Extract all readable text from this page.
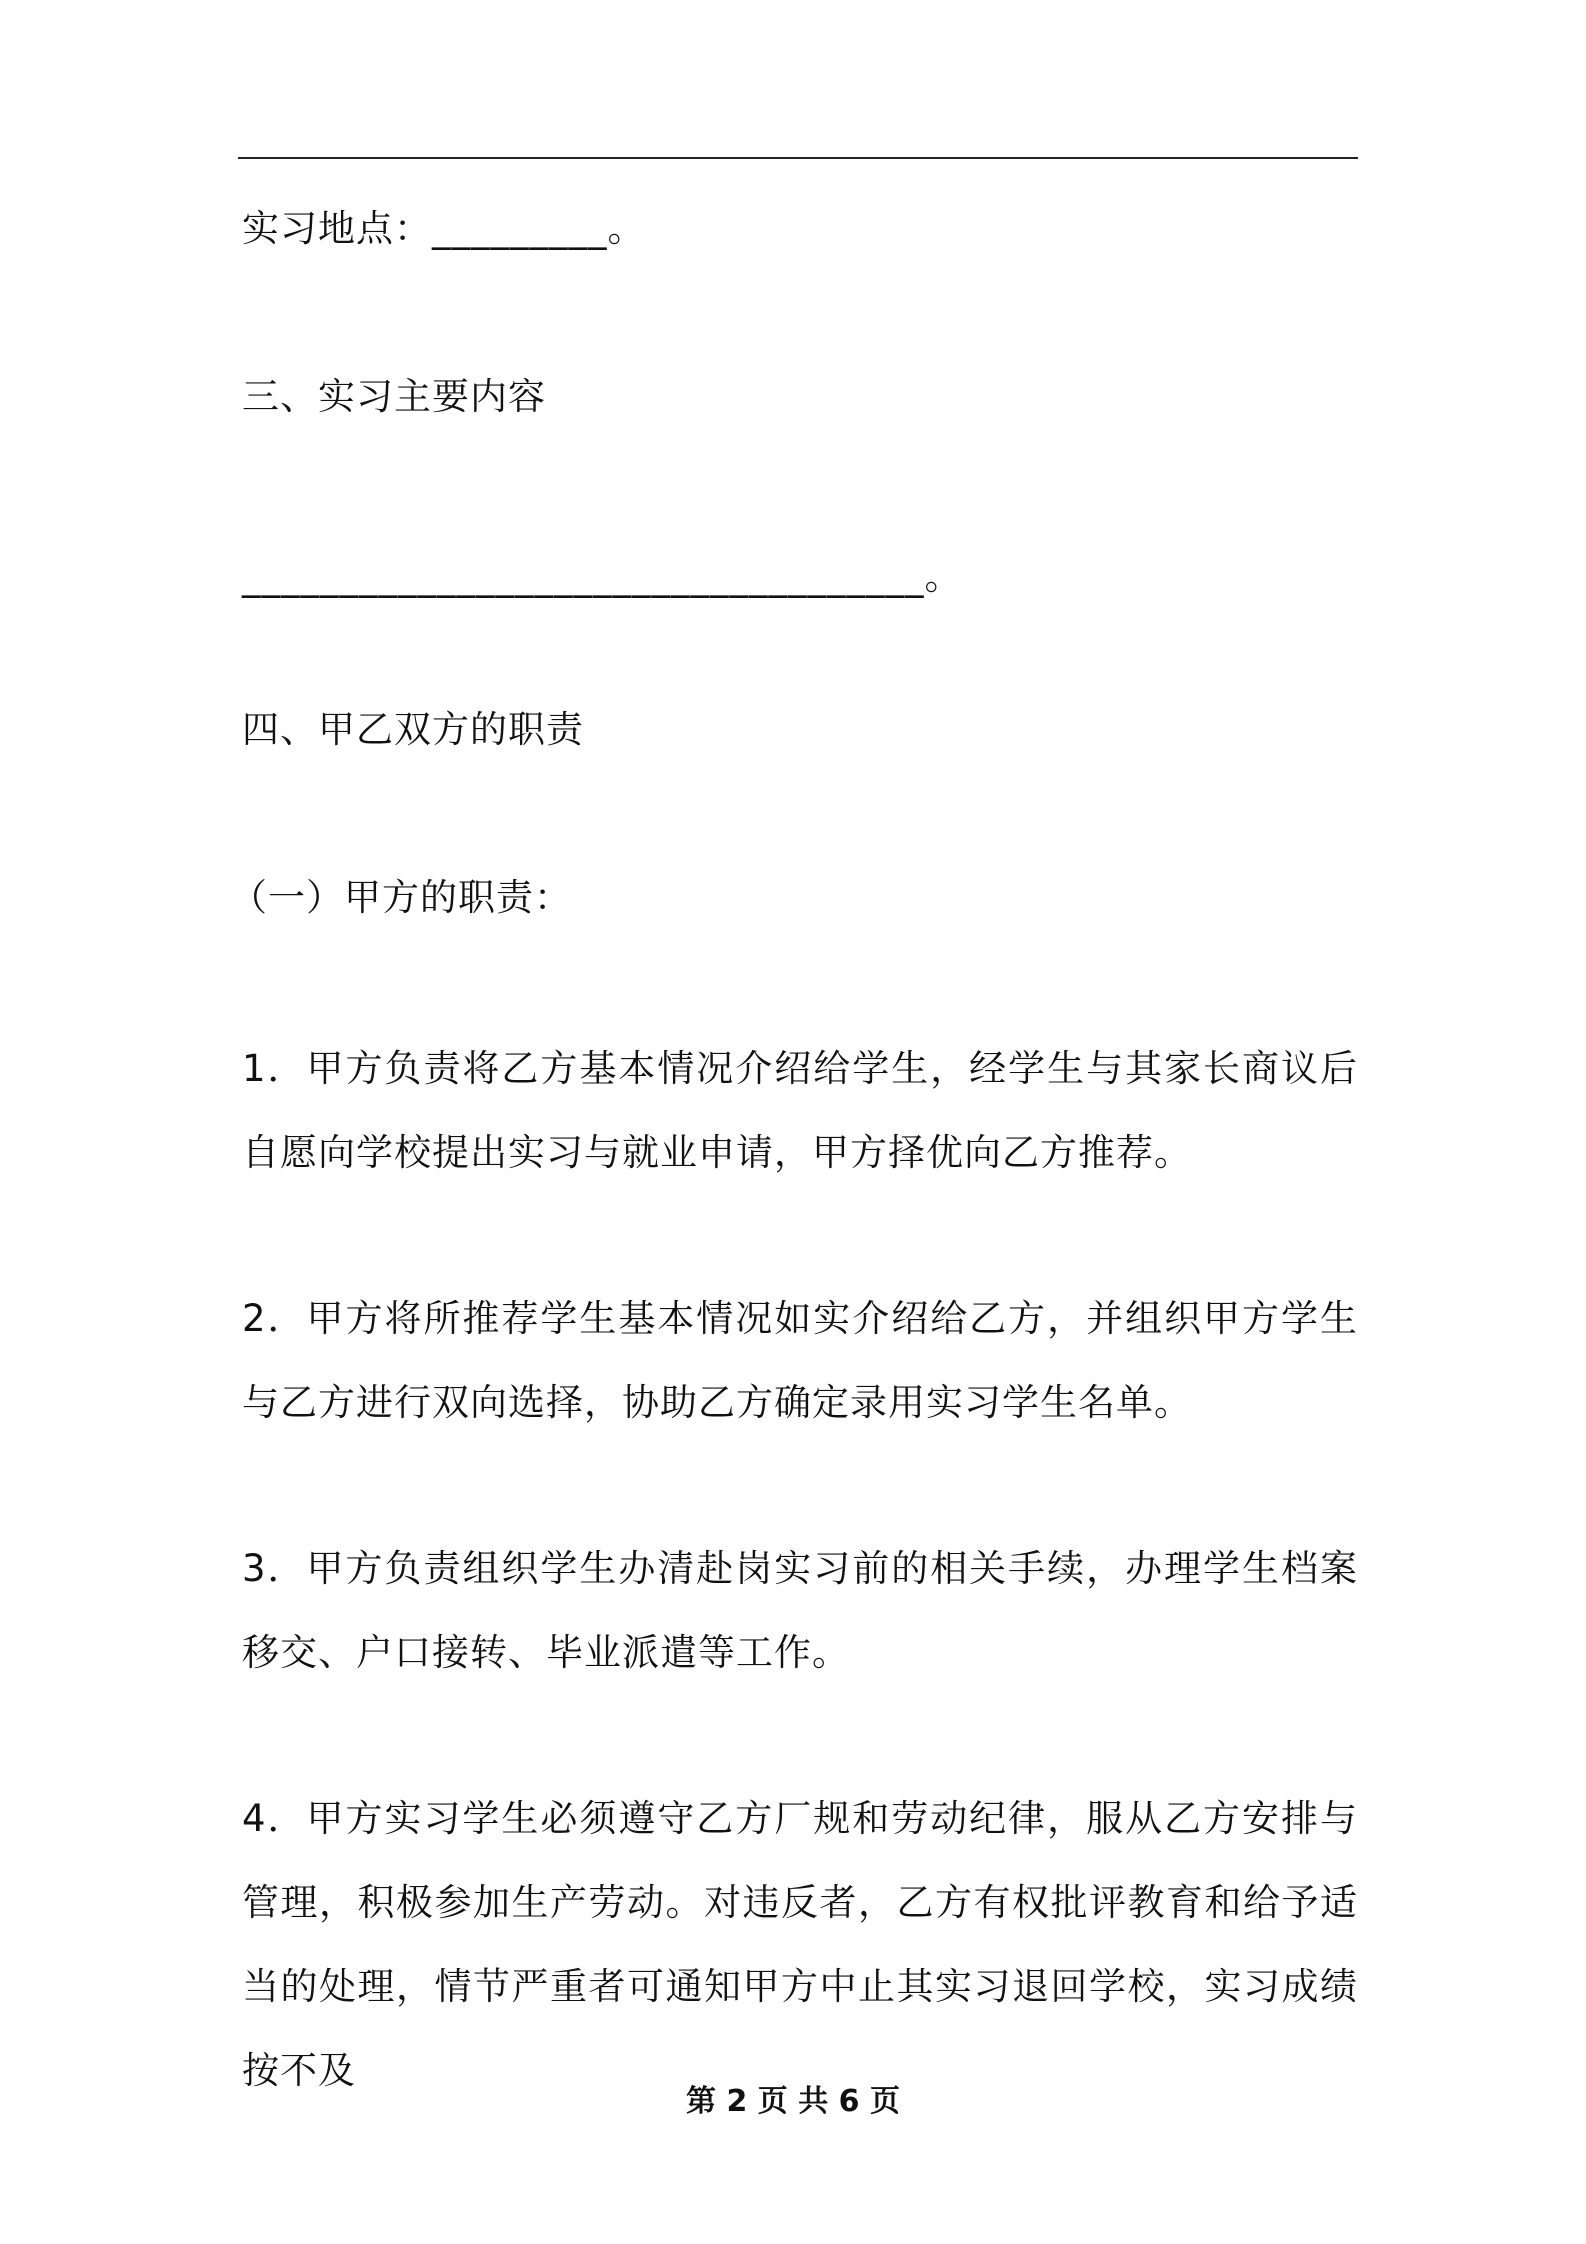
实习地点：_________。
三、实习主要内容
___________________________________。
四、甲乙双方的职责
（一）甲方的职责：
1．甲方负责将乙方基本情况介绍给学生，经学生与其家长商议后自愿向学校提出实习与就业申请，甲方择优向乙方推荐。
2．甲方将所推荐学生基本情况如实介绍给乙方，并组织甲方学生与乙方进行双向选择，协助乙方确定录用实习学生名单。
3．甲方负责组织学生办清赴岗实习前的相关手续，办理学生档案移交、户口接转、毕业派遣等工作。
4．甲方实习学生必须遵守乙方厂规和劳动纪律，服从乙方安排与管理，积极参加生产劳动。对违反者，乙方有权批评教育和给予适当的处理，情节严重者可通知甲方中止其实习退回学校，实习成绩按不及
第 2 页 共 6 页
